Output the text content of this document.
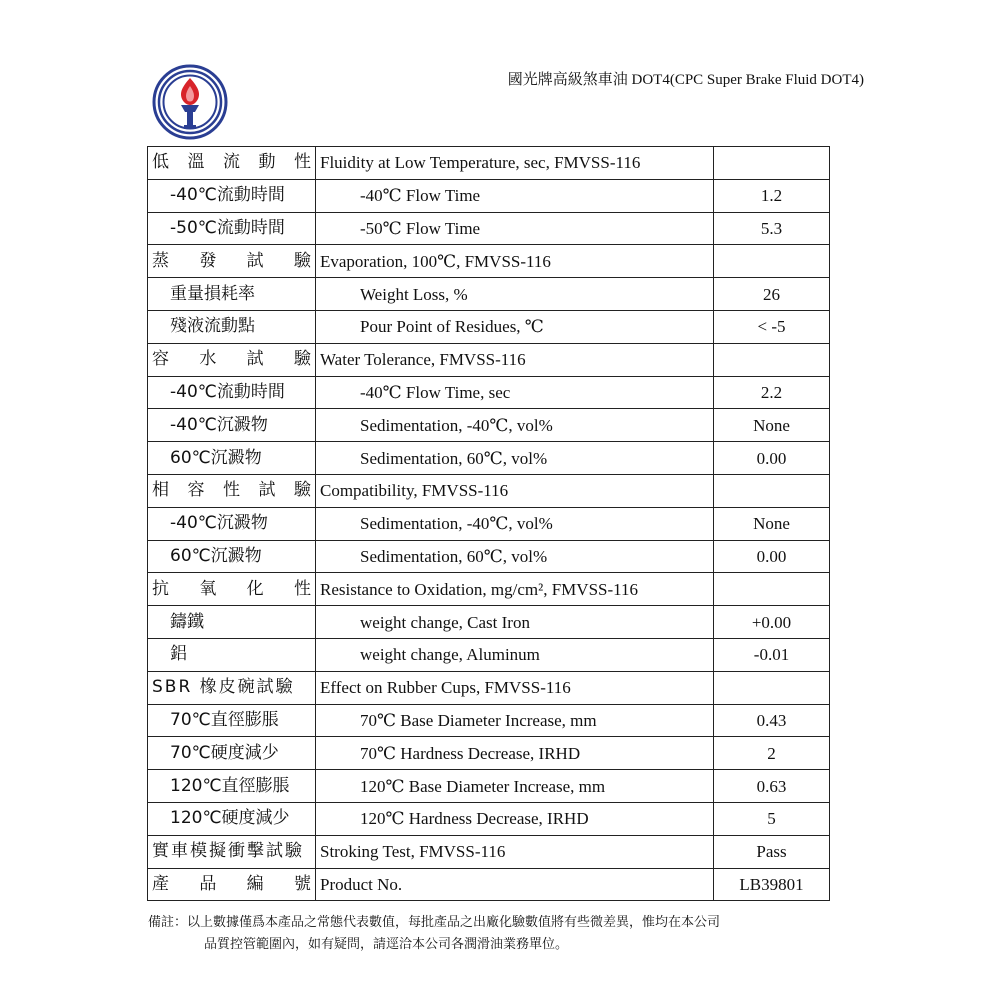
國光牌高級煞車油 DOT4(CPC Super Brake Fluid DOT4)
低 溫 流 動 性	Fluidity at Low Temperature, sec, FMVSS-116	
-40℃流動時間	-40℃ Flow Time	1.2
-50℃流動時間	-50℃ Flow Time	5.3

蒸 發 試 驗	Evaporation, 100℃, FMVSS-116	
重量損耗率	Weight Loss, %	26
殘液流動點	Pour Point of Residues, ℃	< -5

容 水 試 驗	Water Tolerance, FMVSS-116	
-40℃流動時間	-40℃ Flow Time, sec	2.2
-40℃沉澱物	Sedimentation, -40℃, vol%	None
60℃沉澱物	Sedimentation, 60℃, vol%	0.00

相 容 性 試 驗	Compatibility, FMVSS-116	
-40℃沉澱物	Sedimentation, -40℃, vol%	None
60℃沉澱物	Sedimentation, 60℃, vol%	0.00

抗 氧 化 性	Resistance to Oxidation, mg/cm², FMVSS-116	
鑄鐵	weight change, Cast Iron	+0.00
鋁	weight change, Aluminum	-0.01
SBR 橡皮碗試驗	Effect on Rubber Cups, FMVSS-116	
70℃直徑膨脹	70℃ Base Diameter Increase, mm	0.43
70℃硬度減少	70℃ Hardness Decrease, IRHD	2
120℃直徑膨脹	120℃ Base Diameter Increase, mm	0.63
120℃硬度減少	120℃ Hardness Decrease, IRHD	5
實車模擬衝擊試驗	Stroking Test, FMVSS-116	Pass

產 品 編 號	Product No.	LB39801
備註：以上數據僅爲本產品之常態代表數值，每批產品之出廠化驗數值將有些微差異，惟均在本公司
品質控管範圍內，如有疑問，請逕洽本公司各潤滑油業務單位。
